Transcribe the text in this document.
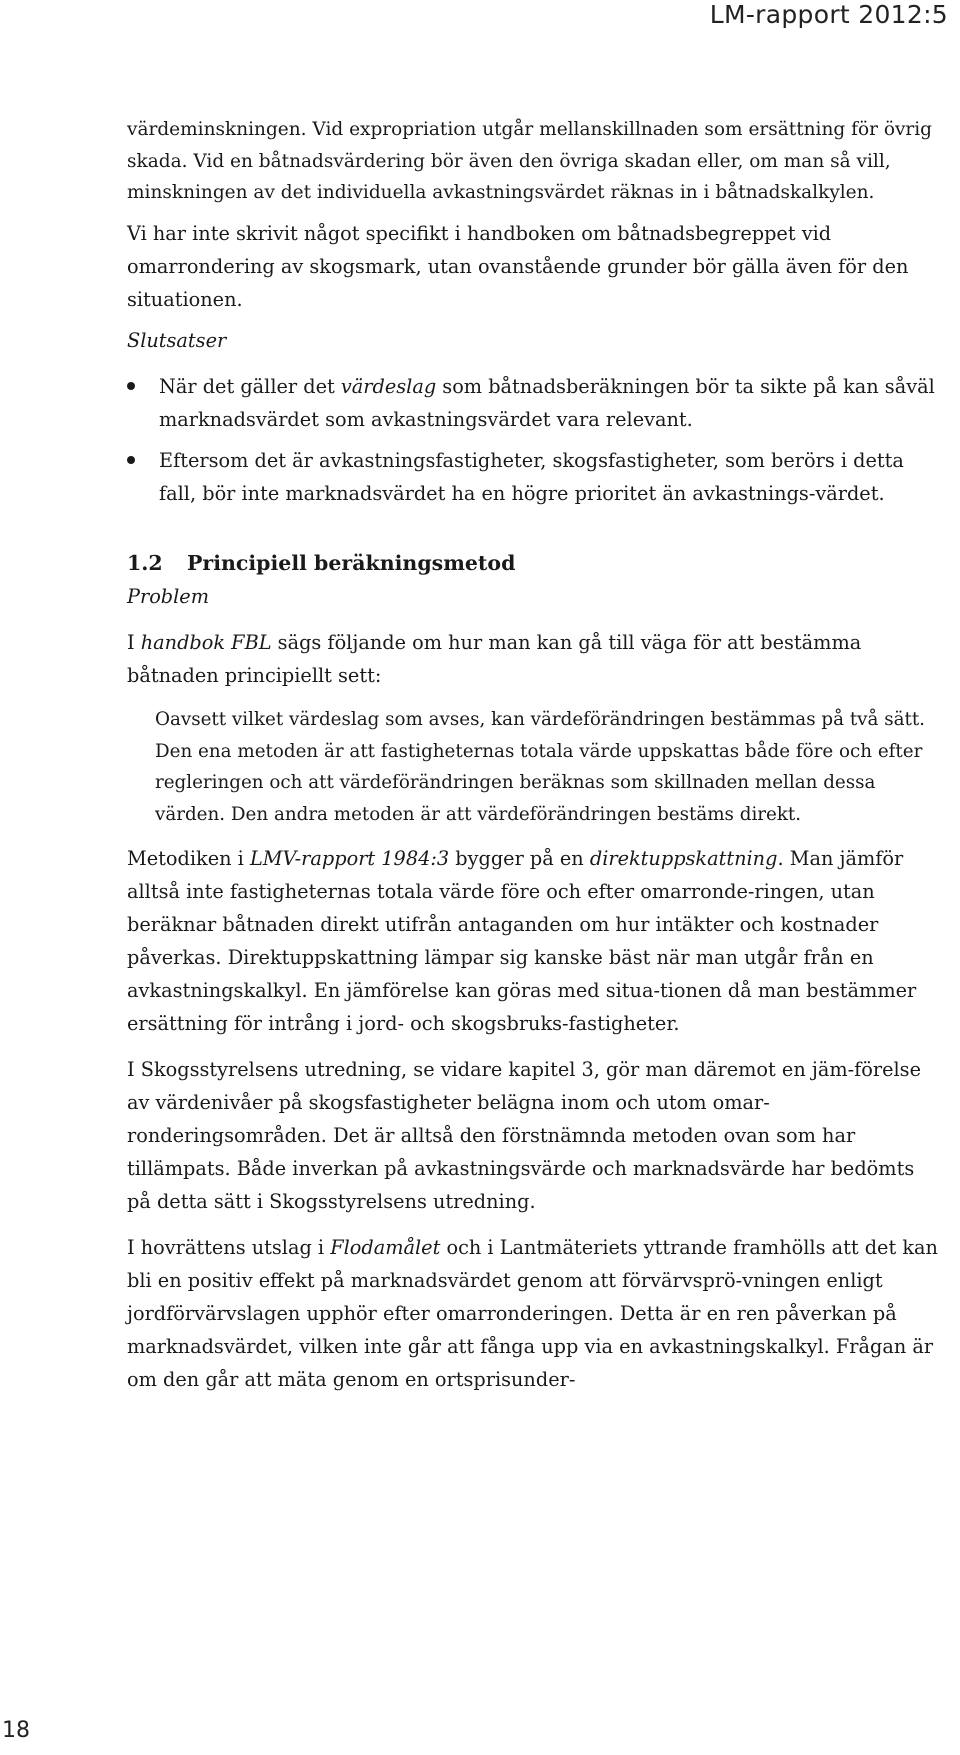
LM-rapport 2012:5

värdeminskningen. Vid expropriation utgår mellanskillnaden som ersättning för övrig skada. Vid en båtnadsvärdering bör även den övriga skadan eller, om man så vill, minskningen av det individuella avkastningsvärdet räknas in i båtnadskalkylen.

Vi har inte skrivit något specifikt i handboken om båtnadsbegreppet vid omarrondering av skogsmark, utan ovanstående grunder bör gälla även för den situationen.

Slutsatser

När det gäller det värdeslag som båtnadsberäkningen bör ta sikte på kan såväl marknadsvärdet som avkastningsvärdet vara relevant.
Eftersom det är avkastningsfastigheter, skogsfastigheter, som berörs i detta fall, bör inte marknadsvärdet ha en högre prioritet än avkastnings-värdet.
1.2 Principiell beräkningsmetod

Problem

I handbok FBL sägs följande om hur man kan gå till väga för att bestämma båtnaden principiellt sett:

Oavsett vilket värdeslag som avses, kan värdeförändringen bestämmas på två sätt. Den ena metoden är att fastigheternas totala värde uppskattas både före och efter regleringen och att värdeförändringen beräknas som skillnaden mellan dessa värden. Den andra metoden är att värdeförändringen bestäms direkt.

Metodiken i LMV-rapport 1984:3 bygger på en direktuppskattning. Man jämför alltså inte fastigheternas totala värde före och efter omarronde-ringen, utan beräknar båtnaden direkt utifrån antaganden om hur intäkter och kostnader påverkas. Direktuppskattning lämpar sig kanske bäst när man utgår från en avkastningskalkyl. En jämförelse kan göras med situa-tionen då man bestämmer ersättning för intrång i jord- och skogsbruks-fastigheter.

I Skogsstyrelsens utredning, se vidare kapitel 3, gör man däremot en jäm-förelse av värdenivåer på skogsfastigheter belägna inom och utom omar-ronderingsområden. Det är alltså den förstnämnda metoden ovan som har tillämpats. Både inverkan på avkastningsvärde och marknadsvärde har bedömts på detta sätt i Skogsstyrelsens utredning.

I hovrättens utslag i Flodamålet och i Lantmäteriets yttrande framhölls att det kan bli en positiv effekt på marknadsvärdet genom att förvärvsprö-vningen enligt jordförvärvslagen upphör efter omarronderingen. Detta är en ren påverkan på marknadsvärdet, vilken inte går att fånga upp via en avkastningskalkyl. Frågan är om den går att mäta genom en ortsprisunder-

18
